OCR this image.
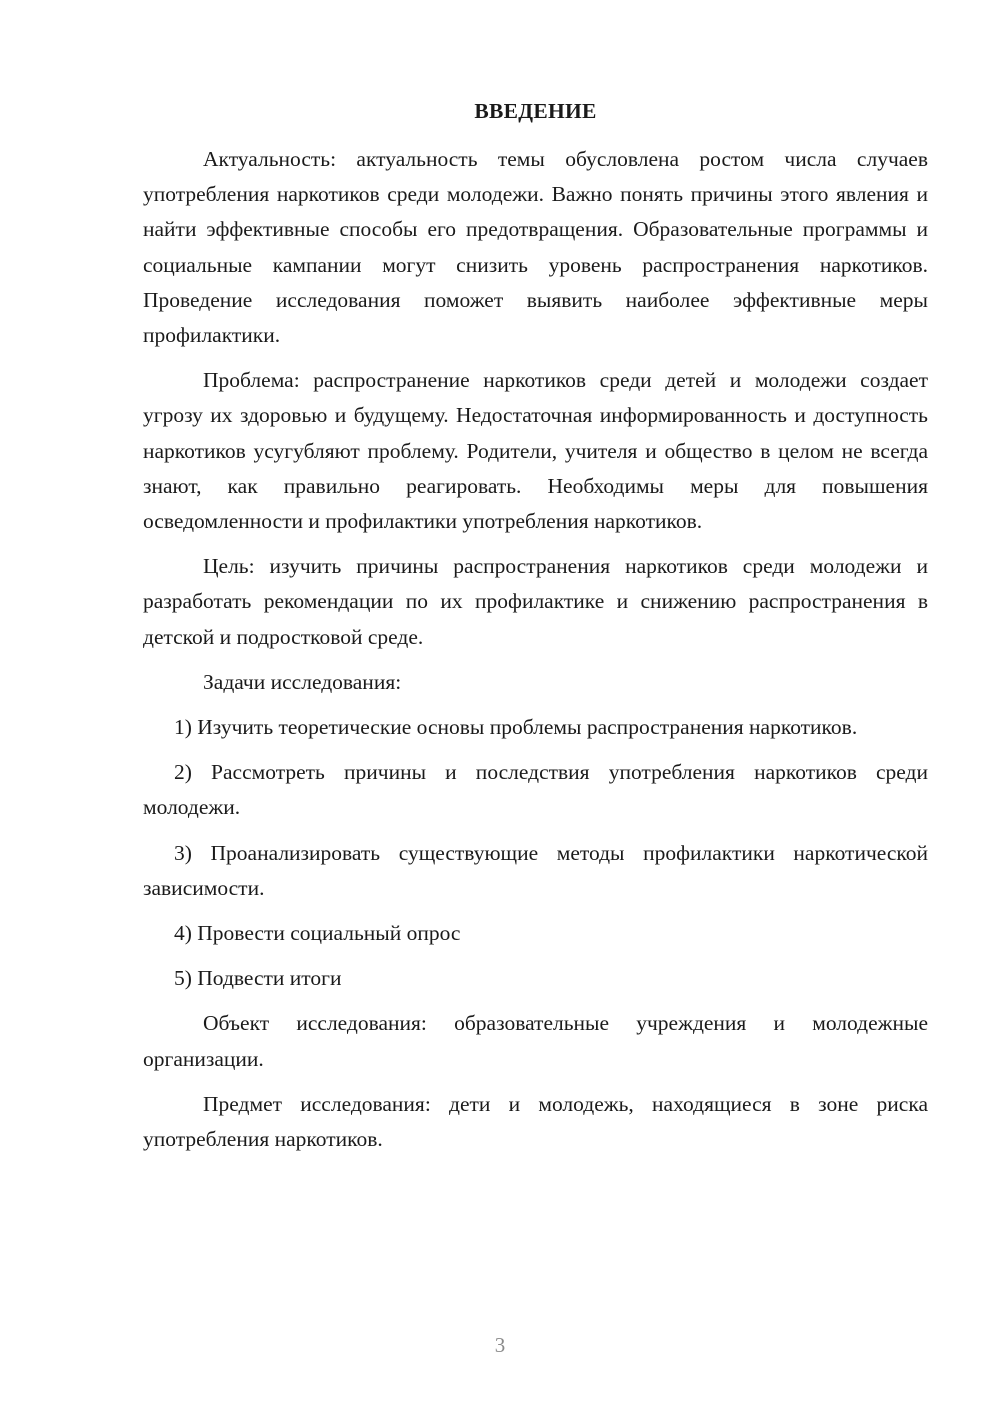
ВВЕДЕНИЕ

Актуальность: актуальность темы обусловлена ростом числа случаев употребления наркотиков среди молодежи. Важно понять причины этого явления и найти эффективные способы его предотвращения. Образовательные программы и социальные кампании могут снизить уровень распространения наркотиков. Проведение исследования поможет выявить наиболее эффективные меры профилактики.

Проблема: распространение наркотиков среди детей и молодежи создает угрозу их здоровью и будущему. Недостаточная информированность и доступность наркотиков усугубляют проблему. Родители, учителя и общество в целом не всегда знают, как правильно реагировать. Необходимы меры для повышения осведомленности и профилактики употребления наркотиков.

Цель: изучить причины распространения наркотиков среди молодежи и разработать рекомендации по их профилактике и снижению распространения в детской и подростковой среде.

Задачи исследования:

1) Изучить теоретические основы проблемы распространения наркотиков.

2) Рассмотреть причины и последствия употребления наркотиков среди молодежи.

3) Проанализировать существующие методы профилактики наркотической зависимости.

4) Провести социальный опрос

5) Подвести итоги

Объект исследования: образовательные учреждения и молодежные организации.

Предмет исследования: дети и молодежь, находящиеся в зоне риска употребления наркотиков.

3
